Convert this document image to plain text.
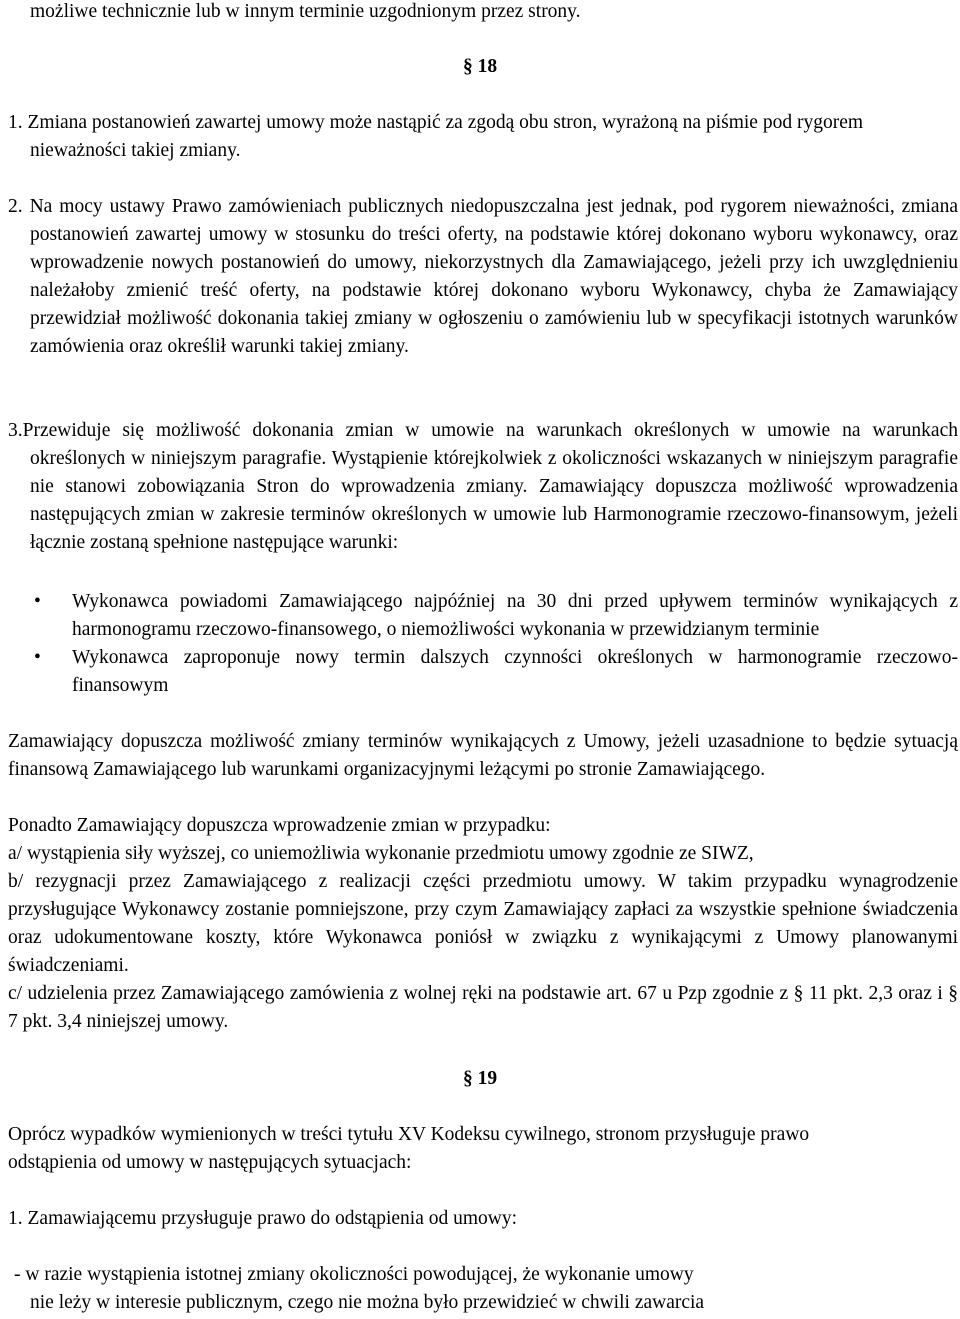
możliwe technicznie lub w innym terminie uzgodnionym przez strony.

§ 18

1. Zmiana postanowień zawartej umowy może nastąpić za zgodą obu stron, wyrażoną na piśmie pod rygorem nieważności takiej zmiany.

2. Na mocy ustawy Prawo zamówieniach publicznych niedopuszczalna jest jednak, pod rygorem nieważności, zmiana postanowień zawartej umowy w stosunku do treści oferty, na podstawie której dokonano wyboru wykonawcy, oraz wprowadzenie nowych postanowień do umowy, niekorzystnych dla Zamawiającego, jeżeli przy ich uwzględnieniu należałoby zmienić treść oferty, na podstawie której dokonano wyboru Wykonawcy, chyba że Zamawiający przewidział możliwość dokonania takiej zmiany w ogłoszeniu o zamówieniu lub w specyfikacji istotnych warunków zamówienia oraz określił warunki takiej zmiany.

3.Przewiduje się możliwość dokonania zmian w umowie na warunkach określonych w umowie na warunkach określonych w niniejszym paragrafie. Wystąpienie którejkolwiek z okoliczności wskazanych w niniejszym paragrafie nie stanowi zobowiązania Stron do wprowadzenia zmiany. Zamawiający dopuszcza możliwość wprowadzenia następujących zmian w zakresie terminów określonych w umowie lub Harmonogramie rzeczowo-finansowym, jeżeli łącznie zostaną spełnione następujące warunki:

•	Wykonawca powiadomi Zamawiającego najpóźniej na 30 dni przed upływem terminów wynikających z harmonogramu rzeczowo-finansowego, o niemożliwości wykonania w przewidzianym terminie
•	Wykonawca zaproponuje nowy termin dalszych czynności określonych w harmonogramie rzeczowo-finansowym

Zamawiający dopuszcza możliwość zmiany terminów wynikających z Umowy, jeżeli uzasadnione to będzie sytuacją finansową Zamawiającego lub warunkami organizacyjnymi leżącymi po stronie Zamawiającego.

Ponadto Zamawiający dopuszcza wprowadzenie zmian w przypadku:

a/ wystąpienia siły wyższej, co uniemożliwia wykonanie przedmiotu umowy zgodnie ze SIWZ,

b/ rezygnacji przez Zamawiającego z realizacji części przedmiotu umowy. W takim przypadku wynagrodzenie przysługujące Wykonawcy zostanie pomniejszone, przy czym Zamawiający zapłaci za wszystkie spełnione świadczenia oraz udokumentowane koszty, które Wykonawca poniósł w związku z wynikającymi z Umowy planowanymi świadczeniami.

c/ udzielenia przez Zamawiającego zamówienia z wolnej ręki na podstawie art. 67 u Pzp zgodnie z § 11 pkt. 2,3 oraz i § 7 pkt. 3,4 niniejszej umowy.

§ 19

Oprócz wypadków wymienionych w treści tytułu XV Kodeksu cywilnego, stronom przysługuje prawo odstąpienia od umowy w następujących sytuacjach:

1. Zamawiającemu przysługuje prawo do odstąpienia od umowy:

- w razie wystąpienia istotnej zmiany okoliczności powodującej, że wykonanie umowy

nie leży w interesie publicznym, czego nie można było przewidzieć w chwili zawarcia
